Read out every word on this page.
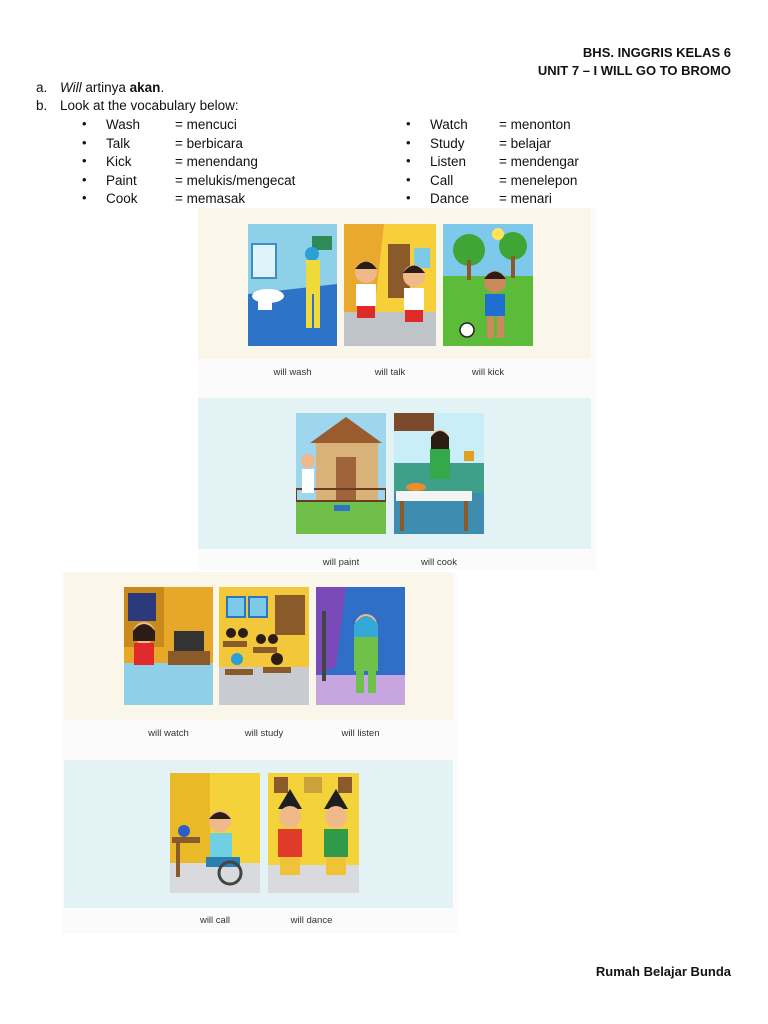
BHS. INGGRIS KELAS 6
UNIT 7 – I WILL GO TO BROMO
a. Will artinya akan.
b. Look at the vocabulary below:
• Wash	= mencuci
• Talk	= berbicara
• Kick	= menendang
• Paint	= melukis/mengecat
• Cook	= memasak
• Watch = menonton
• Study	= belajar
• Listen = mendengar
• Call	= menelepon
• Dance = menari
will wash	will talk	will kick
will paint	will cook
will watch	will study	will listen
will call	will dance
Rumah Belajar Bunda
